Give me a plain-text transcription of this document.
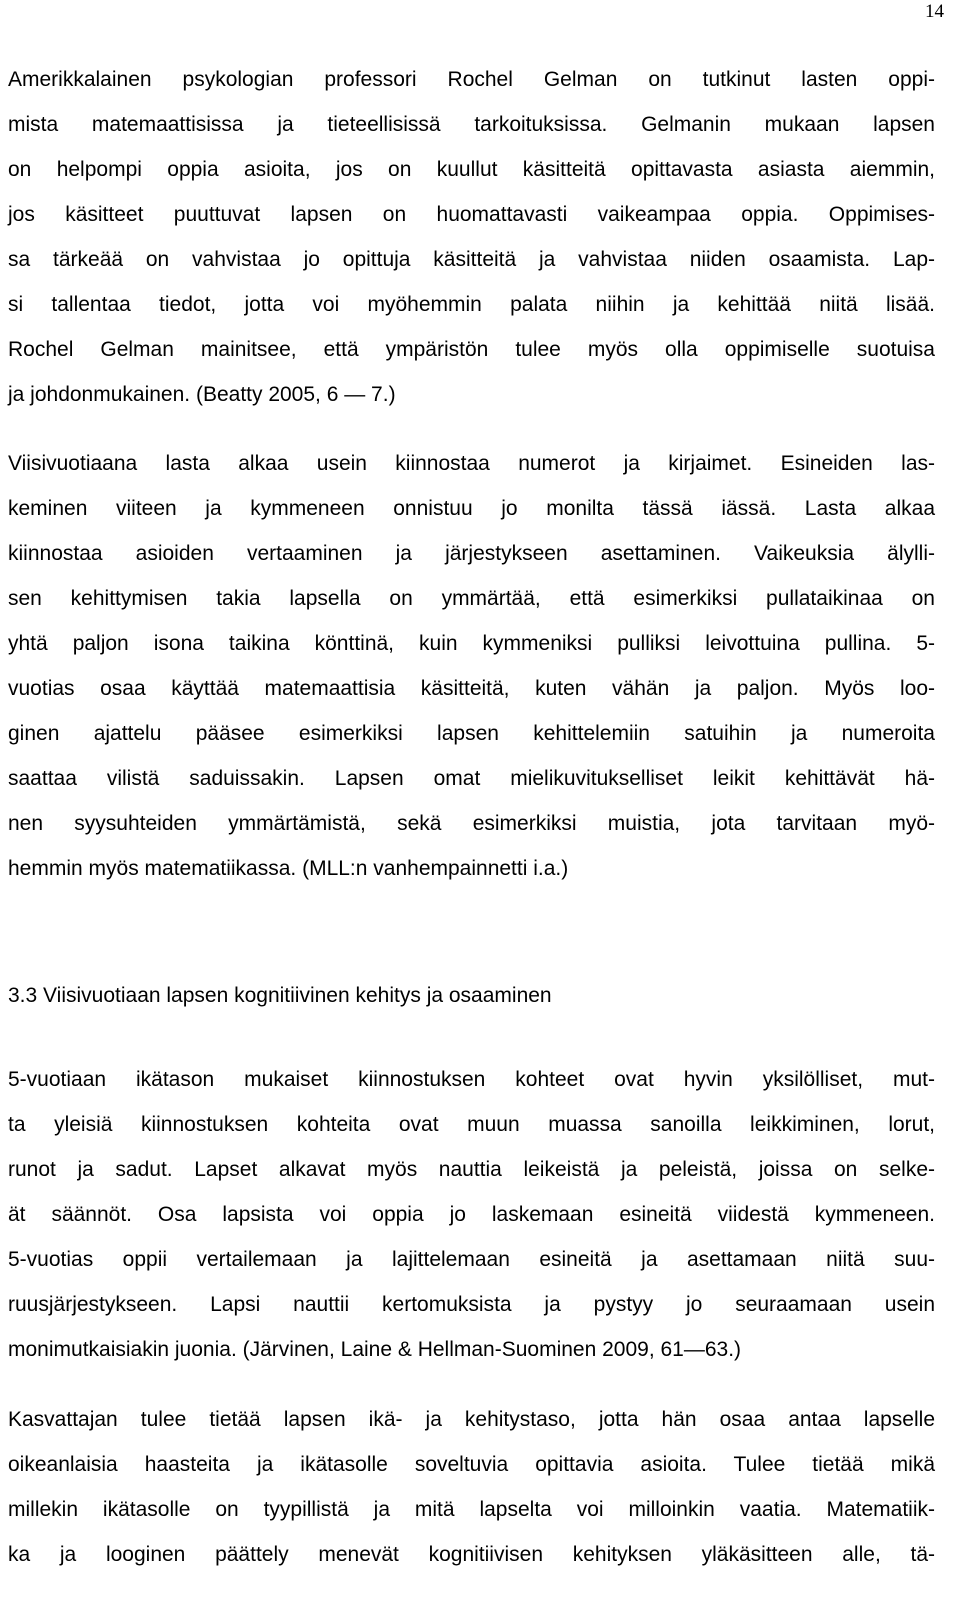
14
Amerikkalainen psykologian professori Rochel Gelman on tutkinut lasten oppi-
mista matemaattisissa ja tieteellisissä tarkoituksissa. Gelmanin mukaan lapsen
on helpompi oppia asioita, jos on kuullut käsitteitä opittavasta asiasta aiemmin,
jos käsitteet puuttuvat lapsen on huomattavasti vaikeampaa oppia. Oppimises-
sa tärkeää on vahvistaa jo opittuja käsitteitä ja vahvistaa niiden osaamista. Lap-
si tallentaa tiedot, jotta voi myöhemmin palata niihin ja kehittää niitä lisää.
Rochel Gelman mainitsee, että ympäristön tulee myös olla oppimiselle suotuisa
ja johdonmukainen. (Beatty 2005, 6 — 7.)
Viisivuotiaana lasta alkaa usein kiinnostaa numerot ja kirjaimet. Esineiden las-
keminen viiteen ja kymmeneen onnistuu jo monilta tässä iässä. Lasta alkaa
kiinnostaa asioiden vertaaminen ja järjestykseen asettaminen. Vaikeuksia älylli-
sen kehittymisen takia lapsella on ymmärtää, että esimerkiksi pullataikinaa on
yhtä paljon isona taikina könttinä, kuin kymmeniksi pulliksi leivottuina pullina. 5-
vuotias osaa käyttää matemaattisia käsitteitä, kuten vähän ja paljon. Myös loo-
ginen ajattelu pääsee esimerkiksi lapsen kehittelemiin satuihin ja numeroita
saattaa vilistä saduissakin. Lapsen omat mielikuvitukselliset leikit kehittävät hä-
nen syysuhteiden ymmärtämistä, sekä esimerkiksi muistia, jota tarvitaan myö-
hemmin myös matematiikassa. (MLL:n vanhempainnetti i.a.)
3.3 Viisivuotiaan lapsen kognitiivinen kehitys ja osaaminen
5-vuotiaan ikätason mukaiset kiinnostuksen kohteet ovat hyvin yksilölliset, mut-
ta yleisiä kiinnostuksen kohteita ovat muun muassa sanoilla leikkiminen, lorut,
runot ja sadut. Lapset alkavat myös nauttia leikeistä ja peleistä, joissa on selke-
ät säännöt. Osa lapsista voi oppia jo laskemaan esineitä viidestä kymmeneen.
5-vuotias oppii vertailemaan ja lajittelemaan esineitä ja asettamaan niitä suu-
ruusjärjestykseen. Lapsi nauttii kertomuksista ja pystyy jo seuraamaan usein
monimutkaisiakin juonia. (Järvinen, Laine & Hellman-Suominen 2009, 61—63.)
Kasvattajan tulee tietää lapsen ikä- ja kehitystaso, jotta hän osaa antaa lapselle
oikeanlaisia haasteita ja ikätasolle soveltuvia opittavia asioita. Tulee tietää mikä
millekin ikätasolle on tyypillistä ja mitä lapselta voi milloinkin vaatia. Matematiik-
ka ja looginen päättely menevät kognitiivisen kehityksen yläkäsitteen alle, tä-
